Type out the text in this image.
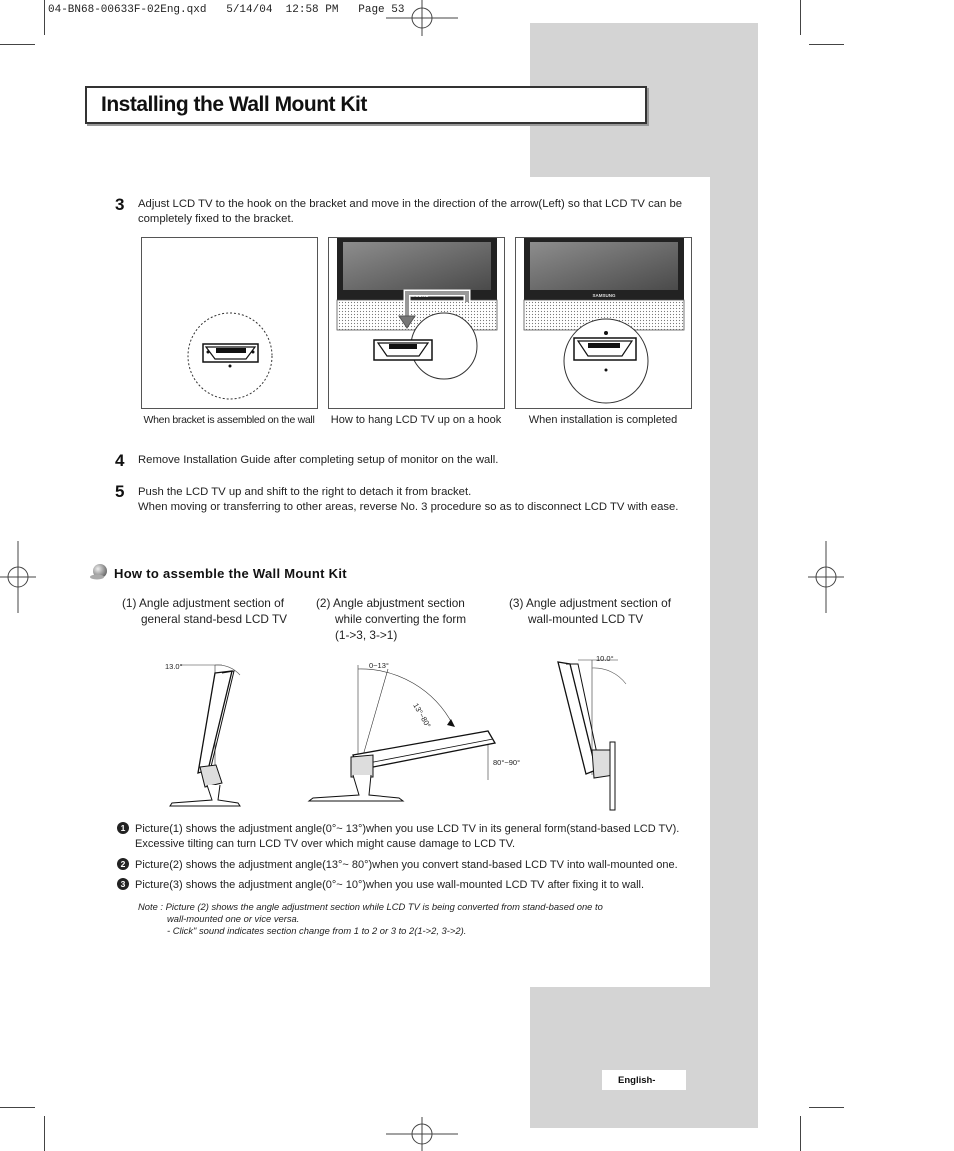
04-BN68-00633F-02Eng.qxd   5/14/04  12:58 PM   Page 53
Installing the Wall Mount Kit
3 Adjust LCD TV to the hook on the bracket and move in the direction of the arrow(Left) so that LCD TV can be completely fixed to the bracket.
When bracket is assembled on the wall
SAMSUNG
How to hang LCD TV up on a hook
SAMSUNG
When installation is completed
4 Remove Installation Guide after completing setup of monitor on the wall.
5 Push the LCD TV up and shift to the right to detach it from bracket.
When moving or transferring to other areas, reverse No. 3 procedure so as to disconnect LCD TV with ease.
How to assemble the Wall Mount Kit
(1) Angle adjustment section of
general stand-besd LCD TV
(2) Angle abjustment section
while converting the form
(1->3, 3->1)
(3) Angle adjustment section of
wall-mounted LCD TV
13.0°	0~13°
13°~80°
80°~90°
10.0°
1 Picture(1) shows the adjustment angle(0°~ 13°)when you use LCD TV in its general form(stand-based LCD TV).
Excessive tilting can turn LCD TV over which might cause damage to LCD TV.
2 Picture(2) shows the adjustment angle(13°~ 80°)when you convert stand-based LCD TV into wall-mounted one.
3 Picture(3) shows the adjustment angle(0°~ 10°)when you use wall-mounted LCD TV after fixing it to wall.
Note : Picture (2) shows the angle adjustment section while LCD TV is being converted from stand-based one to
wall-mounted one or vice versa.
- Click" sound indicates section change from 1 to 2 or 3 to 2(1->2, 3->2).
English-
